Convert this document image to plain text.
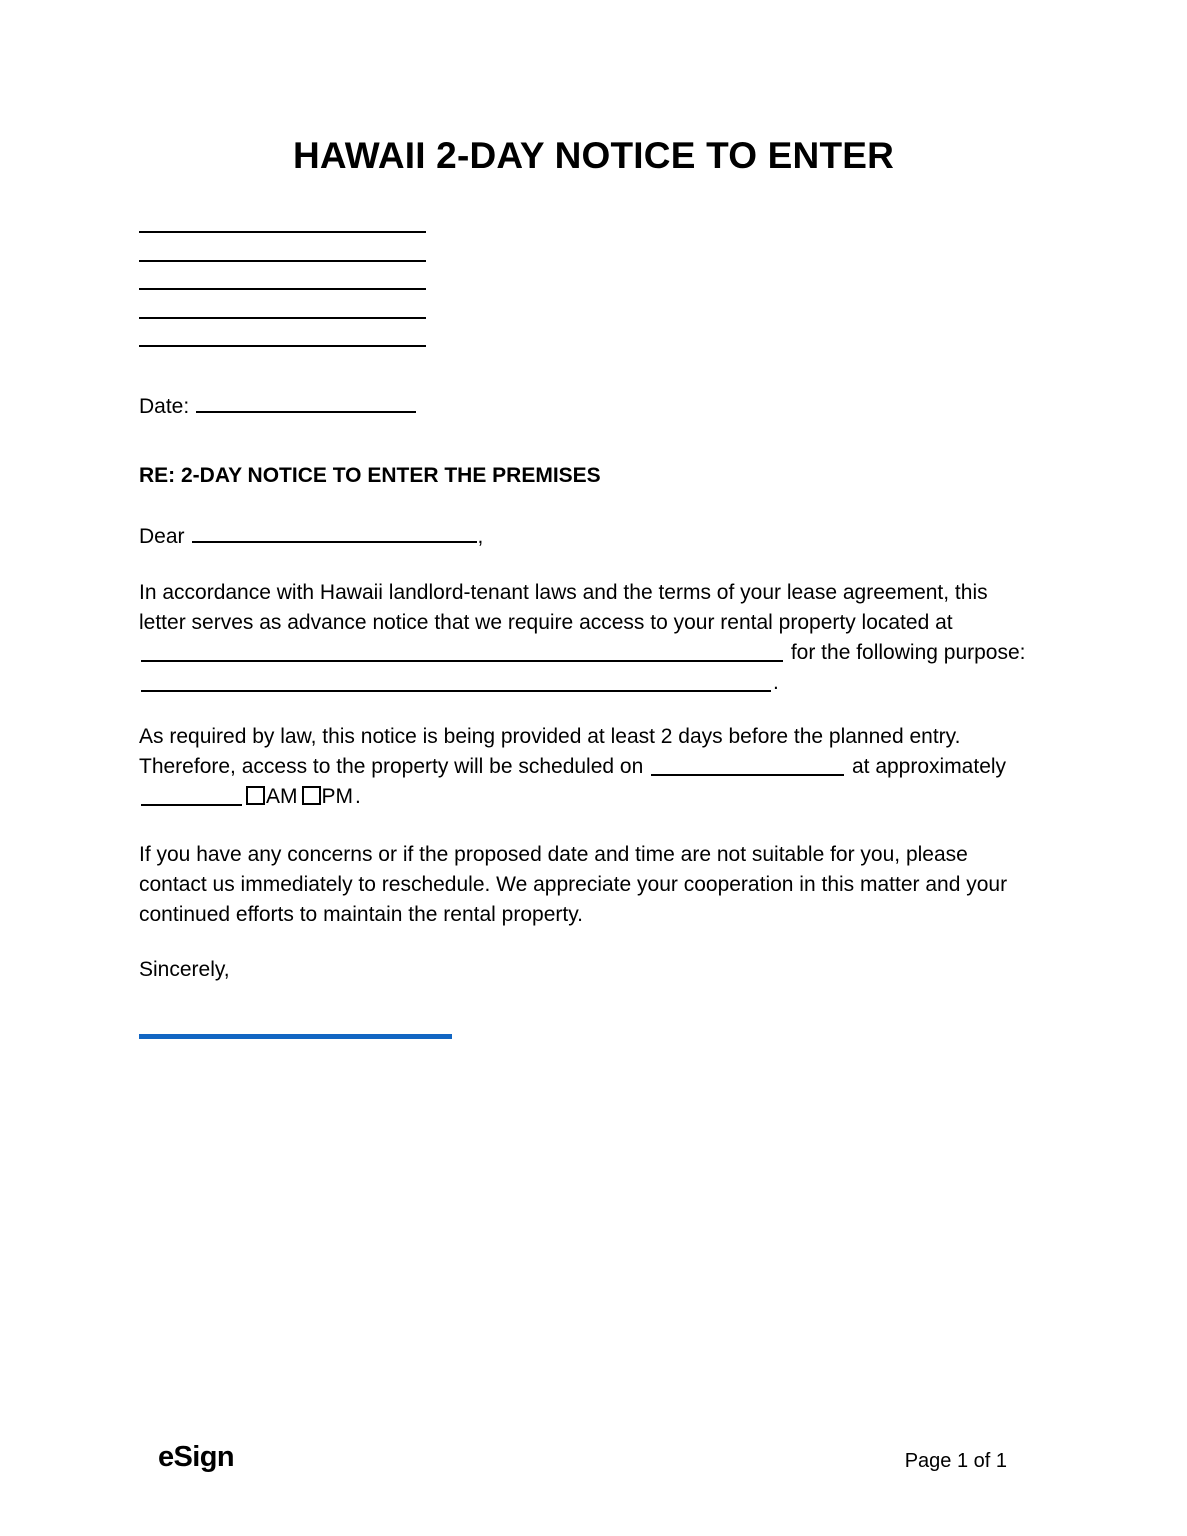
HAWAII 2-DAY NOTICE TO ENTER
Date:
RE: 2-DAY NOTICE TO ENTER THE PREMISES
Dear	,
In accordance with Hawaii landlord-tenant laws and the terms of your lease agreement, this letter serves as advance notice that we require access to your rental property located at  for the following purpose: .
As required by law, this notice is being provided at least 2 days before the planned entry. Therefore, access to the property will be scheduled on	at approximately AM PM.
If you have any concerns or if the proposed date and time are not suitable for you, please contact us immediately to reschedule. We appreciate your cooperation in this matter and your continued efforts to maintain the rental property.
Sincerely,
eSign	Page 1 of 1
